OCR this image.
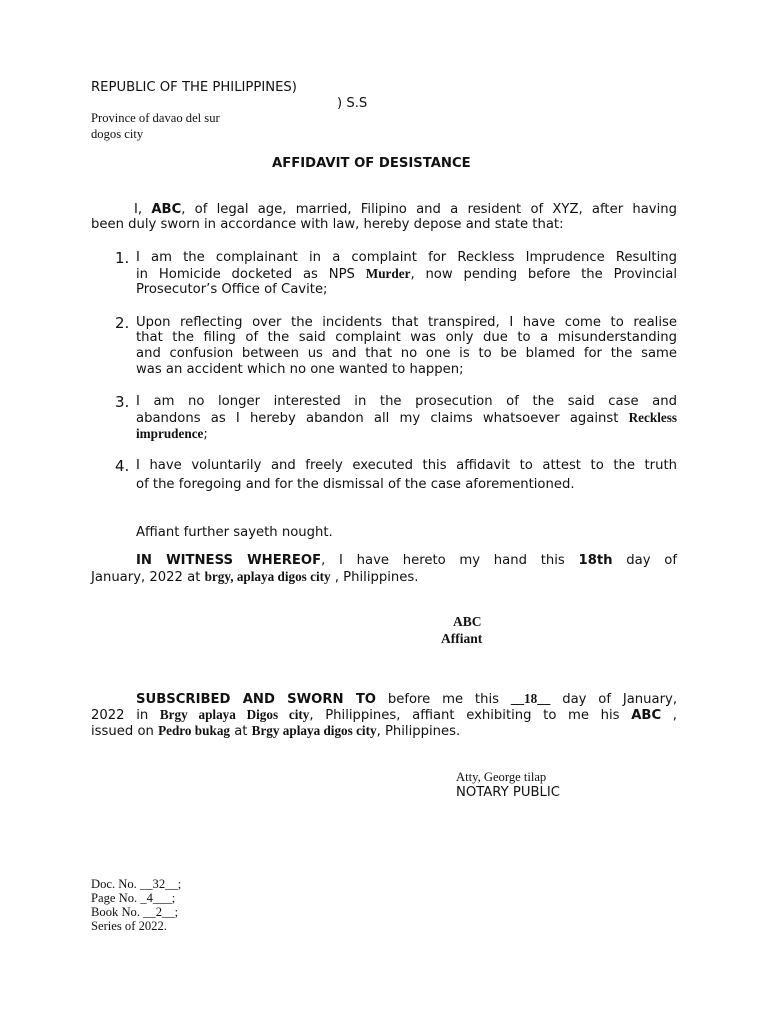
REPUBLIC OF THE PHILIPPINES)
) S.S
Province of davao del sur
dogos city
AFFIDAVIT OF DESISTANCE
I, ABC, of legal age, married, Filipino and a resident of XYZ, after having
been duly sworn in accordance with law, hereby depose and state that:
1. I am the complainant in a complaint for Reckless Imprudence Resulting
in Homicide docketed as NPS Murder, now pending before the Provincial
Prosecutor’s Office of Cavite;
2. Upon reflecting over the incidents that transpired, I have come to realise
that the filing of the said complaint was only due to a misunderstanding
and confusion between us and that no one is to be blamed for the same
was an accident which no one wanted to happen;
3. I am no longer interested in the prosecution of the said case and
abandons as I hereby abandon all my claims whatsoever against Reckless
imprudence;
4. I have voluntarily and freely executed this affidavit to attest to the truth
of the foregoing and for the dismissal of the case aforementioned.
Affiant further sayeth nought.
IN WITNESS WHEREOF, I have hereto my hand this 18th day of
January, 2022 at brgy, aplaya digos city , Philippines.
ABC
Affiant
SUBSCRIBED AND SWORN TO before me this __18__ day of January,
2022 in Brgy aplaya Digos city, Philippines, affiant exhibiting to me his ABC ,
issued on Pedro bukag at Brgy aplaya digos city, Philippines.
Atty, George tilap
NOTARY PUBLIC
Doc. No. __32__;
Page No. _4___;
Book No. __2__;
Series of 2022.
